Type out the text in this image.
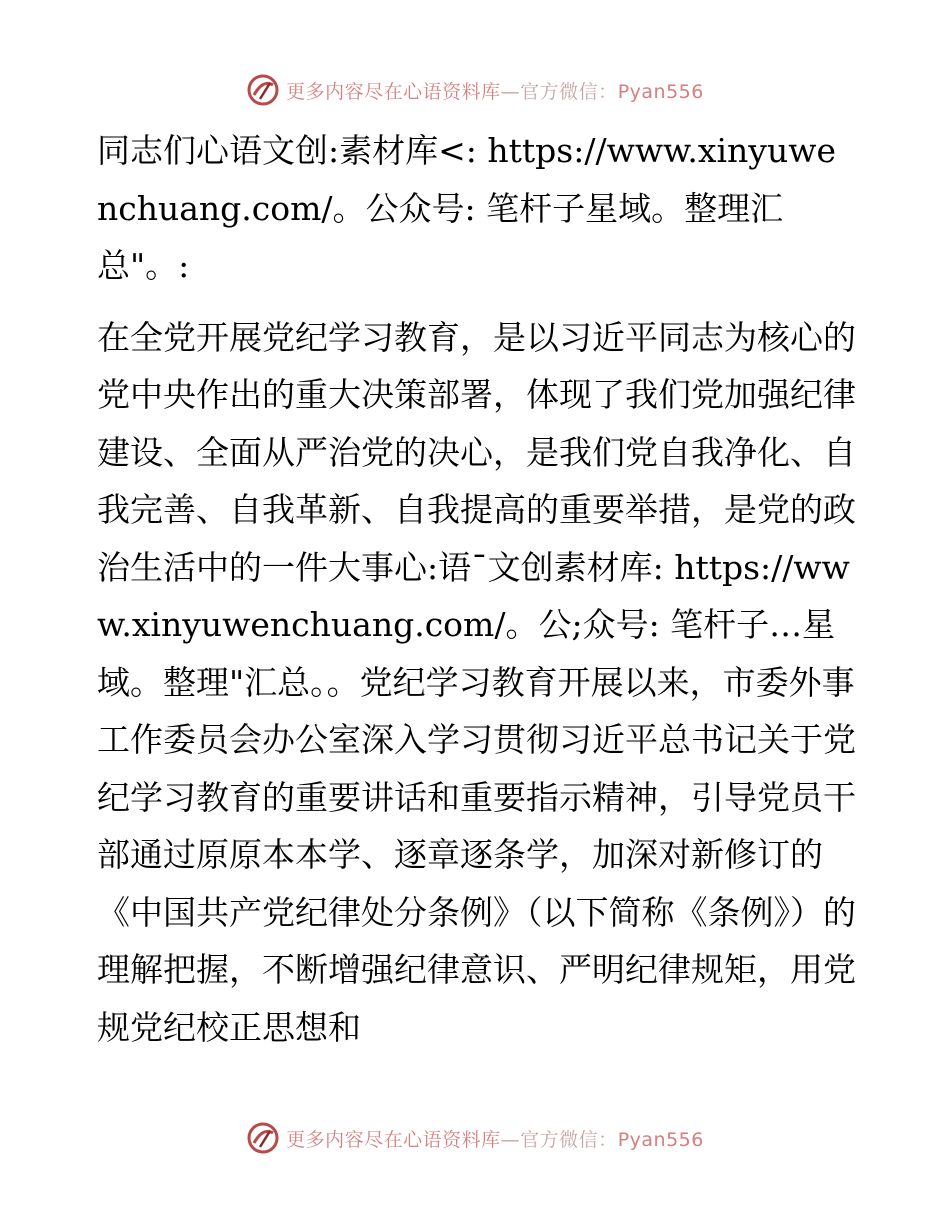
更多内容尽在心语资料库—官方微信：Pyan556

同志们心语文创:素材库<: https://www.xinyuwenchuang.com/。公众号: 笔杆子星域。整理汇总"。:

在全党开展党纪学习教育，是以习近平同志为核心的党中央作出的重大决策部署，体现了我们党加强纪律建设、全面从严治党的决心，是我们党自我净化、自我完善、自我革新、自我提高的重要举措，是党的政治生活中的一件大事心:语¯文创素材库: https://www.xinyuwenchuang.com/。公;众号: 笔杆子…星域。整理"汇总。。党纪学习教育开展以来，市委外事工作委员会办公室深入学习贯彻习近平总书记关于党纪学习教育的重要讲话和重要指示精神，引导党员干部通过原原本本学、逐章逐条学，加深对新修订的《中国共产党纪律处分条例》（以下简称《条例》）的理解把握，不断增强纪律意识、严明纪律规矩，用党规党纪校正思想和

更多内容尽在心语资料库—官方微信：Pyan556
